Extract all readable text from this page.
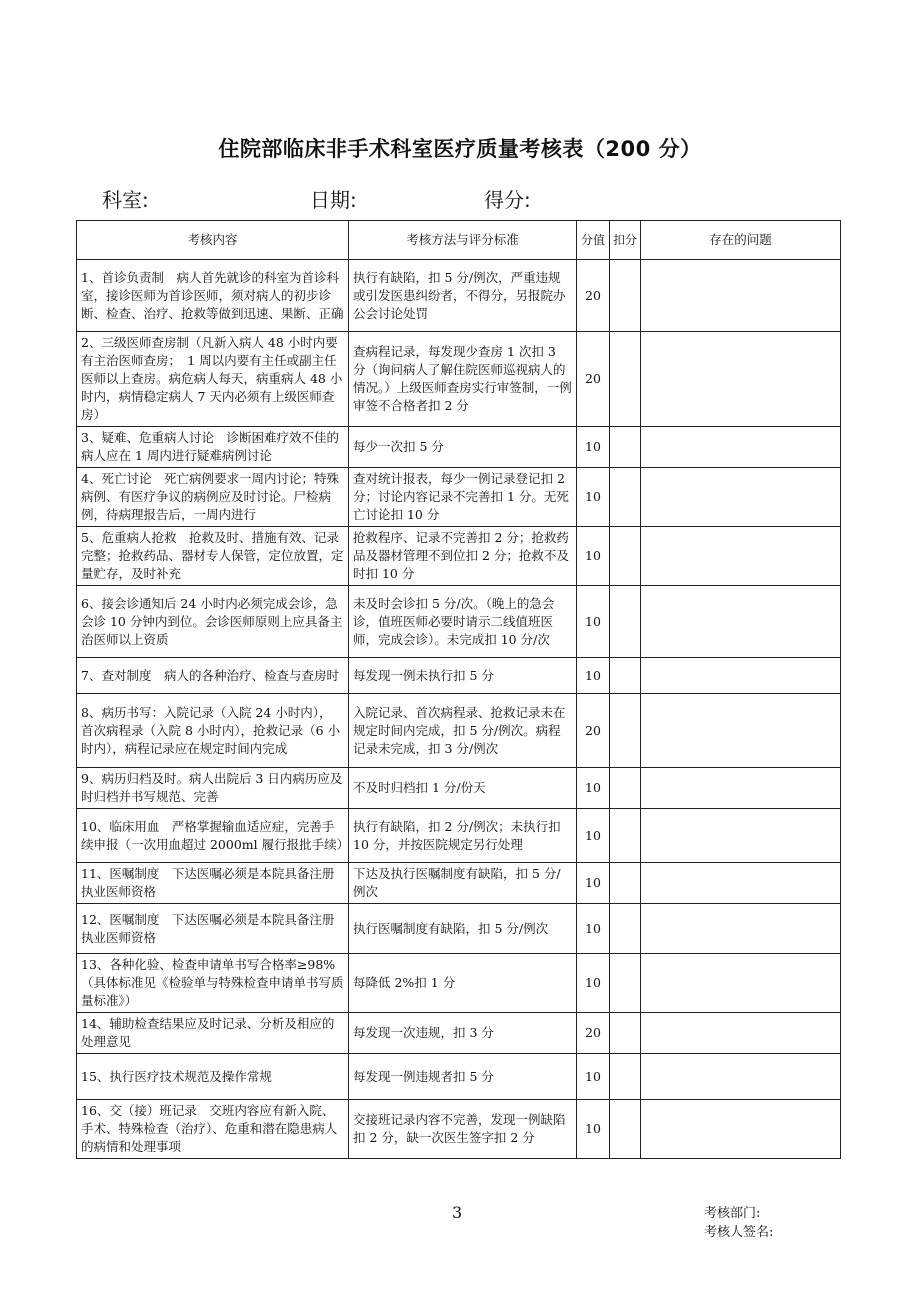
住院部临床非手术科室医疗质量考核表（200 分）
科室:	日期:	得分:
考核内容	考核方法与评分标准	分值	扣分	存在的问题
1、首诊负责制　病人首先就诊的科室为首诊科室，接诊医师为首诊医师，须对病人的初步诊断、检查、治疗、抢救等做到迅速、果断、正确	执行有缺陷，扣 5 分/例次，严重违规或引发医患纠纷者，不得分，另报院办公会讨论处罚	20		
2、三级医师查房制（凡新入病人 48 小时内要有主治医师查房；　1 周以内要有主任或副主任医师以上查房。病危病人每天，病重病人 48 小时内，病情稳定病人 7 天内必须有上级医师查房）	查病程记录，每发现少查房 1 次扣 3 分（询问病人了解住院医师巡视病人的情况。）上级医师查房实行审签制，一例审签不合格者扣 2 分	20		
3、疑难、危重病人讨论　诊断困难疗效不佳的病人应在 1 周内进行疑难病例讨论	每少一次扣 5 分	10		
4、死亡讨论　死亡病例要求一周内讨论；特殊病例、有医疗争议的病例应及时讨论。尸检病例，待病理报告后，一周内进行	查对统计报表，每少一例记录登记扣 2 分；讨论内容记录不完善扣 1 分。无死亡讨论扣 10 分	10		
5、危重病人抢救　抢救及时、措施有效、记录完整；抢救药品、器材专人保管，定位放置，定量贮存，及时补充	抢救程序、记录不完善扣 2 分；抢救药品及器材管理不到位扣 2 分；抢救不及时扣 10 分	10		
6、接会诊通知后 24 小时内必须完成会诊，急会诊 10 分钟内到位。会诊医师原则上应具备主治医师以上资质	未及时会诊扣 5 分/次。（晚上的急会诊，值班医师必要时请示二线值班医师，完成会诊）。未完成扣 10 分/次	10		
7、查对制度　病人的各种治疗、检查与查房时	每发现一例未执行扣 5 分	10		
8、病历书写：入院记录（入院 24 小时内），首次病程录（入院 8 小时内），抢救记录（6 小时内），病程记录应在规定时间内完成	入院记录、首次病程录、抢救记录未在规定时间内完成，扣 5 分/例次。病程记录未完成，扣 3 分/例次	20		
9、病历归档及时。病人出院后 3 日内病历应及时归档并书写规范、完善	不及时归档扣 1 分/份天	10		
10、临床用血　严格掌握输血适应症，完善手续申报（一次用血超过 2000ml 履行报批手续）	执行有缺陷，扣 2 分/例次；未执行扣 10 分，并按医院规定另行处理	10		
11、医嘱制度　下达医嘱必须是本院具备注册执业医师资格	下达及执行医嘱制度有缺陷，扣 5 分/例次	10		
12、医嘱制度　下达医嘱必须是本院具备注册执业医师资格	执行医嘱制度有缺陷，扣 5 分/例次	10		
13、各种化验、检查申请单书写合格率≥98%（具体标准见《检验单与特殊检查申请单书写质量标准》）	每降低 2%扣 1 分	10		
14、辅助检查结果应及时记录、分析及相应的处理意见	每发现一次违规，扣 3 分	20		
15、执行医疗技术规范及操作常规	每发现一例违规者扣 5 分	10		
16、交（接）班记录　交班内容应有新入院、手术、特殊检查（治疗）、危重和潜在隐患病人的病情和处理事项	交接班记录内容不完善，发现一例缺陷扣 2 分，缺一次医生签字扣 2 分	10		
3	考核部门:
考核人签名:
